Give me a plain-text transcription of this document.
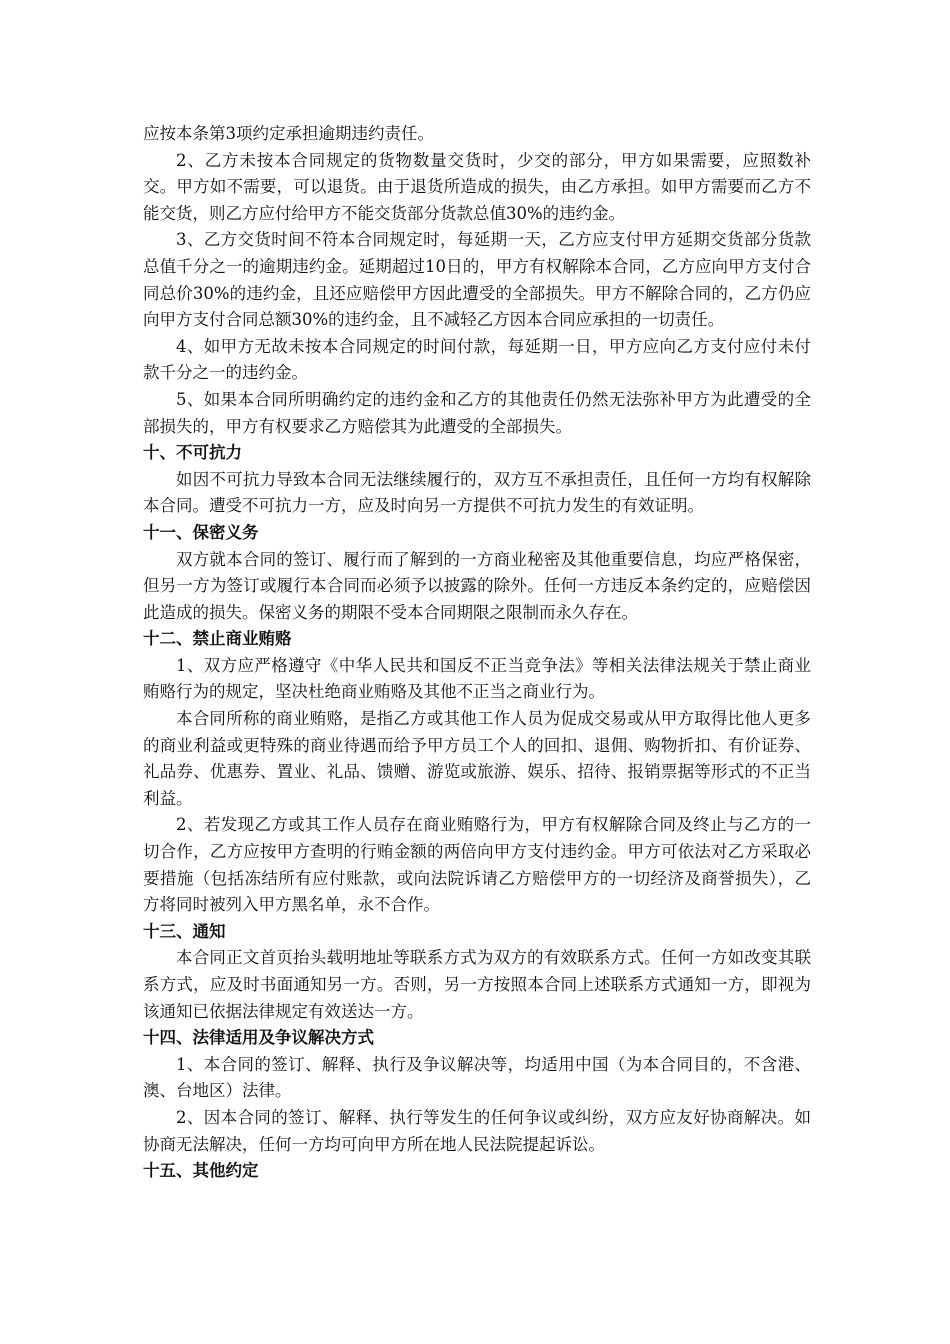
应按本条第3项约定承担逾期违约责任。

2、乙方未按本合同规定的货物数量交货时，少交的部分，甲方如果需要，应照数补交。甲方如不需要，可以退货。由于退货所造成的损失，由乙方承担。如甲方需要而乙方不能交货，则乙方应付给甲方不能交货部分货款总值30%的违约金。

3、乙方交货时间不符本合同规定时，每延期一天，乙方应支付甲方延期交货部分货款总值千分之一的逾期违约金。延期超过10日的，甲方有权解除本合同，乙方应向甲方支付合同总价30%的违约金，且还应赔偿甲方因此遭受的全部损失。甲方不解除合同的，乙方仍应向甲方支付合同总额30%的违约金，且不减轻乙方因本合同应承担的一切责任。

4、如甲方无故未按本合同规定的时间付款，每延期一日，甲方应向乙方支付应付未付款千分之一的违约金。

5、如果本合同所明确约定的违约金和乙方的其他责任仍然无法弥补甲方为此遭受的全部损失的，甲方有权要求乙方赔偿其为此遭受的全部损失。

十、不可抗力

如因不可抗力导致本合同无法继续履行的，双方互不承担责任，且任何一方均有权解除本合同。遭受不可抗力一方，应及时向另一方提供不可抗力发生的有效证明。

十一、保密义务

双方就本合同的签订、履行而了解到的一方商业秘密及其他重要信息，均应严格保密，但另一方为签订或履行本合同而必须予以披露的除外。任何一方违反本条约定的，应赔偿因此造成的损失。保密义务的期限不受本合同期限之限制而永久存在。

十二、禁止商业贿赂

1、双方应严格遵守《中华人民共和国反不正当竞争法》等相关法律法规关于禁止商业贿赂行为的规定，坚决杜绝商业贿赂及其他不正当之商业行为。

本合同所称的商业贿赂，是指乙方或其他工作人员为促成交易或从甲方取得比他人更多的商业利益或更特殊的商业待遇而给予甲方员工个人的回扣、退佣、购物折扣、有价证券、礼品券、优惠券、置业、礼品、馈赠、游览或旅游、娱乐、招待、报销票据等形式的不正当利益。

2、若发现乙方或其工作人员存在商业贿赂行为，甲方有权解除合同及终止与乙方的一切合作，乙方应按甲方查明的行贿金额的两倍向甲方支付违约金。甲方可依法对乙方采取必要措施（包括冻结所有应付账款，或向法院诉请乙方赔偿甲方的一切经济及商誉损失），乙方将同时被列入甲方黑名单，永不合作。

十三、通知

本合同正文首页抬头载明地址等联系方式为双方的有效联系方式。任何一方如改变其联系方式，应及时书面通知另一方。否则，另一方按照本合同上述联系方式通知一方，即视为该通知已依据法律规定有效送达一方。

十四、法律适用及争议解决方式

1、本合同的签订、解释、执行及争议解决等，均适用中国（为本合同目的，不含港、澳、台地区）法律。

2、因本合同的签订、解释、执行等发生的任何争议或纠纷，双方应友好协商解决。如协商无法解决，任何一方均可向甲方所在地人民法院提起诉讼。

十五、其他约定
